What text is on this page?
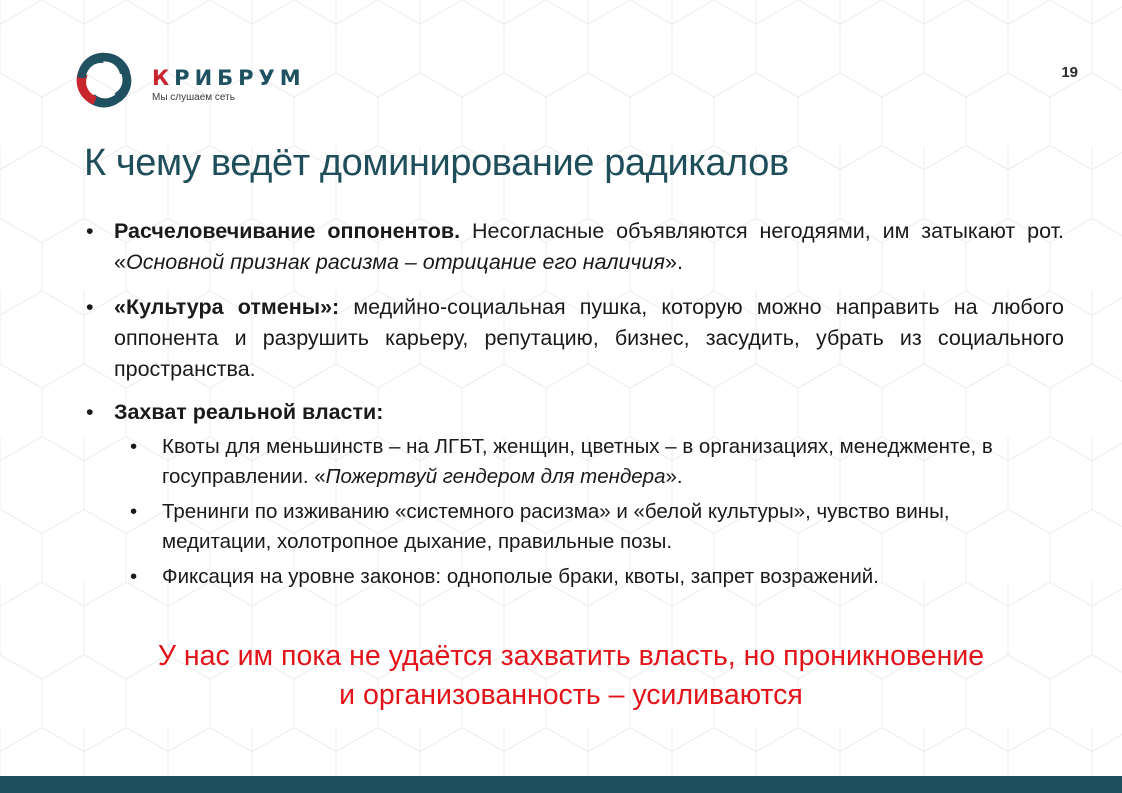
КРИБРУМ
Мы слушаем сеть
19
К чему ведёт доминирование радикалов
• Расчеловечивание оппонентов. Несогласные объявляются негодяями, им затыкают рот. «Основной признак расизма – отрицание его наличия».
• «Культура отмены»: медийно-социальная пушка, которую можно направить на любого оппонента и разрушить карьеру, репутацию, бизнес, засудить, убрать из социального пространства.
• Захват реальной власти:
• Квоты для меньшинств – на ЛГБТ, женщин, цветных – в организациях, менеджменте, в госуправлении. «Пожертвуй гендером для тендера».
• Тренинги по изживанию «системного расизма» и «белой культуры», чувство вины, медитации, холотропное дыхание, правильные позы.
• Фиксация на уровне законов: однополые браки, квоты, запрет возражений.
У нас им пока не удаётся захватить власть, но проникновение
и организованность – усиливаются
